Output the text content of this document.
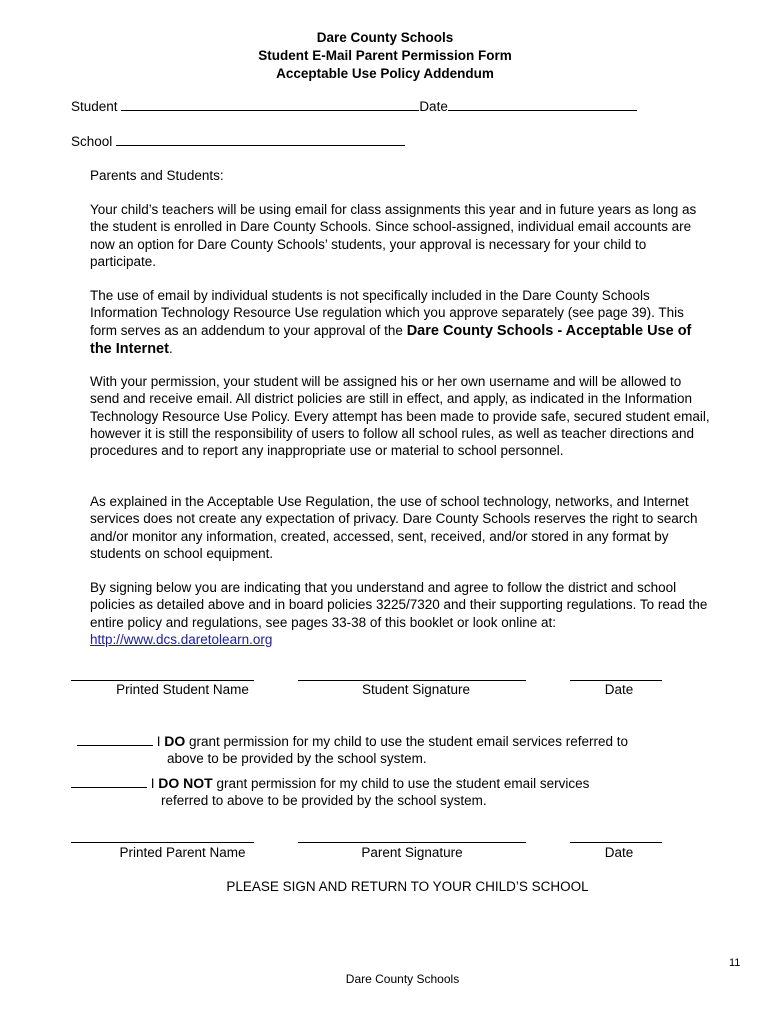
Dare County Schools
Student E-Mail Parent Permission Form
Acceptable Use Policy Addendum
Student	Date
School
Parents and Students:
Your child’s teachers will be using email for class assignments this year and in future years as long as the student is enrolled in Dare County Schools. Since school-assigned, individual email accounts are now an option for Dare County Schools’ students, your approval is necessary for your child to participate.
The use of email by individual students is not specifically included in the Dare County Schools Information Technology Resource Use regulation which you approve separately (see page 39). This form serves as an addendum to your approval of the Dare County Schools - Acceptable Use of the Internet.
With your permission, your student will be assigned his or her own username and will be allowed to send and receive email. All district policies are still in effect, and apply, as indicated in the Information Technology Resource Use Policy. Every attempt has been made to provide safe, secured student email, however it is still the responsibility of users to follow all school rules, as well as teacher directions and procedures and to report any inappropriate use or material to school personnel.
As explained in the Acceptable Use Regulation, the use of school technology, networks, and Internet services does not create any expectation of privacy. Dare County Schools reserves the right to search and/or monitor any information, created, accessed, sent, received, and/or stored in any format by students on school equipment.
By signing below you are indicating that you understand and agree to follow the district and school policies as detailed above and in board policies 3225/7320 and their supporting regulations. To read the entire policy and regulations, see pages 33-38 of this booklet or look online at:
http://www.dcs.daretolearn.org
Printed Student Name	Student Signature	Date
I DO grant permission for my child to use the student email services referred to
above to be provided by the school system.
I DO NOT grant permission for my child to use the student email services
referred to above to be provided by the school system.
Printed Parent Name	Parent Signature	Date
PLEASE SIGN AND RETURN TO YOUR CHILD’S SCHOOL
11
Dare County Schools
